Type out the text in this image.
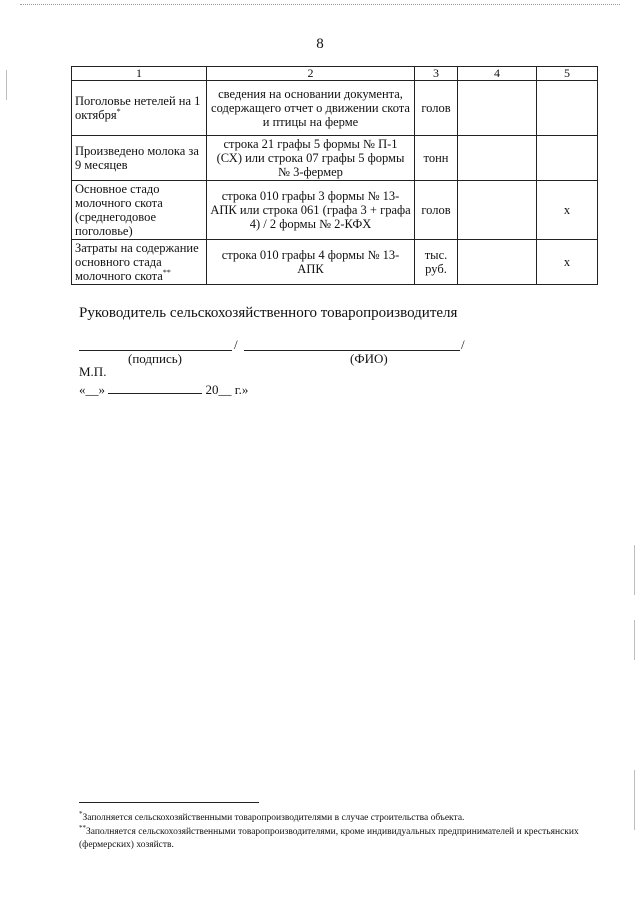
8
1	2	3	4	5
Поголовье нетелей на 1 октября*	сведения на основании документа, содержащего отчет о движении скота и птицы на ферме	голов		
Произведено молока за 9 месяцев	строка 21 графы 5 формы № П-1 (СХ) или строка 07 графы 5 формы № 3-фермер	тонн		
Основное стадо молочного скота (среднегодовое поголовье)	строка 010 графы 3 формы № 13-АПК или строка 061 (графа 3 + графа 4) / 2 формы № 2-КФХ	голов		х
Затраты на содержание основного стада молочного скота**	строка 010 графы 4 формы № 13-АПК	тыс. руб.		х
Руководитель сельскохозяйственного товаропроизводителя
/	/
(подпись)	(ФИО)
М.П.
«__»	20__ г.»
*Заполняется сельскохозяйственными товаропроизводителями в случае строительства объекта.
**Заполняется сельскохозяйственными товаропроизводителями, кроме индивидуальных предпринимателей и крестьянских (фермерских) хозяйств.
